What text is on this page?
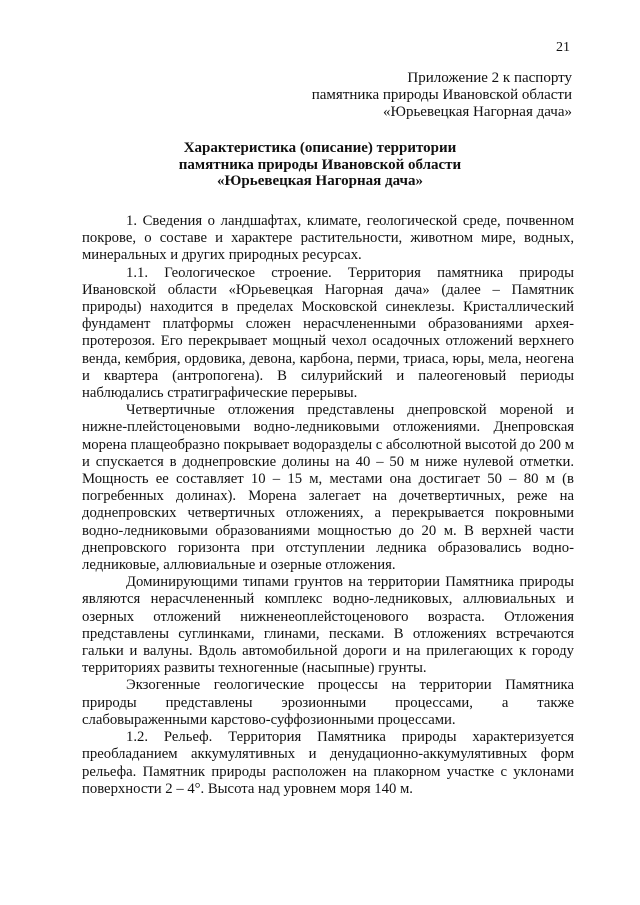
21
Приложение 2 к паспорту
памятника природы Ивановской области
«Юрьевецкая Нагорная дача»
Характеристика (описание) территории
памятника природы Ивановской области
«Юрьевецкая Нагорная дача»

1. Сведения о ландшафтах, климате, геологической среде, почвенном покрове, о составе и характере растительности, животном мире, водных, минеральных и других природных ресурсах.

1.1. Геологическое строение. Территория памятника природы Ивановской области «Юрьевецкая Нагорная дача» (далее – Памятник природы) находится в пределах Московской синеклезы. Кристаллический фундамент платформы сложен нерасчлененными образованиями архея-протерозоя. Его перекрывает мощный чехол осадочных отложений верхнего венда, кембрия, ордовика, девона, карбона, перми, триаса, юры, мела, неогена и квартера (антропогена). В силурийский и палеогеновый периоды наблюдались стратиграфические перерывы.

Четвертичные отложения представлены днепровской мореной и нижне-плейстоценовыми водно-ледниковыми отложениями. Днепровская морена плащеобразно покрывает водоразделы с абсолютной высотой до 200 м и спускается в доднепровские долины на 40 – 50 м ниже нулевой отметки. Мощность ее составляет 10 – 15 м, местами она достигает 50 – 80 м (в погребенных долинах). Морена залегает на дочетвертичных, реже на доднепровских четвертичных отложениях, а перекрывается покровными водно-ледниковыми образованиями мощностью до 20 м. В верхней части днепровского горизонта при отступлении ледника образовались водно-ледниковые, аллювиальные и озерные отложения.

Доминирующими типами грунтов на территории Памятника природы являются нерасчлененный комплекс водно-ледниковых, аллювиальных и озерных отложений нижненеоплейстоценового возраста. Отложения представлены суглинками, глинами, песками. В отложениях встречаются гальки и валуны. Вдоль автомобильной дороги и на прилегающих к городу территориях развиты техногенные (насыпные) грунты.

Экзогенные геологические процессы на территории Памятника природы представлены эрозионными процессами, а также слабовыраженными карстово-суффозионными процессами.

1.2. Рельеф. Территория Памятника природы характеризуется преобладанием аккумулятивных и денудационно-аккумулятивных форм рельефа. Памятник природы расположен на плакорном участке с уклонами поверхности 2 – 4°. Высота над уровнем моря 140 м.
